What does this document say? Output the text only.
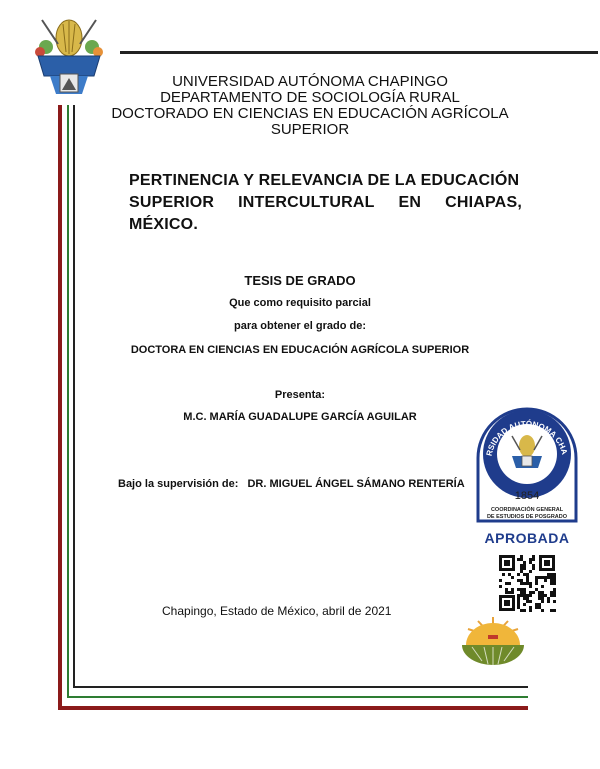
UNIVERSIDAD AUTÓNOMA CHAPINGO
DEPARTAMENTO DE SOCIOLOGÍA RURAL
DOCTORADO EN CIENCIAS EN EDUCACIÓN AGRÍCOLA
SUPERIOR
PERTINENCIA Y RELEVANCIA DE LA EDUCACIÓN
SUPERIOR INTERCULTURAL EN CHIAPAS,
MÉXICO.
TESIS DE GRADO
Que como requisito parcial
para obtener el grado de:
DOCTORA EN CIENCIAS EN EDUCACIÓN AGRÍCOLA SUPERIOR
Presenta:
M.C. MARÍA GUADALUPE GARCÍA AGUILAR
Bajo la supervisión de: DR. MIGUEL ÁNGEL SÁMANO RENTERÍA
Chapingo, Estado de México, abril de 2021
RSIDAD AUTÓNOMA CHA
1854
COORDINACIÓN GENERAL
DE ESTUDIOS DE POSGRADO
APROBADA
